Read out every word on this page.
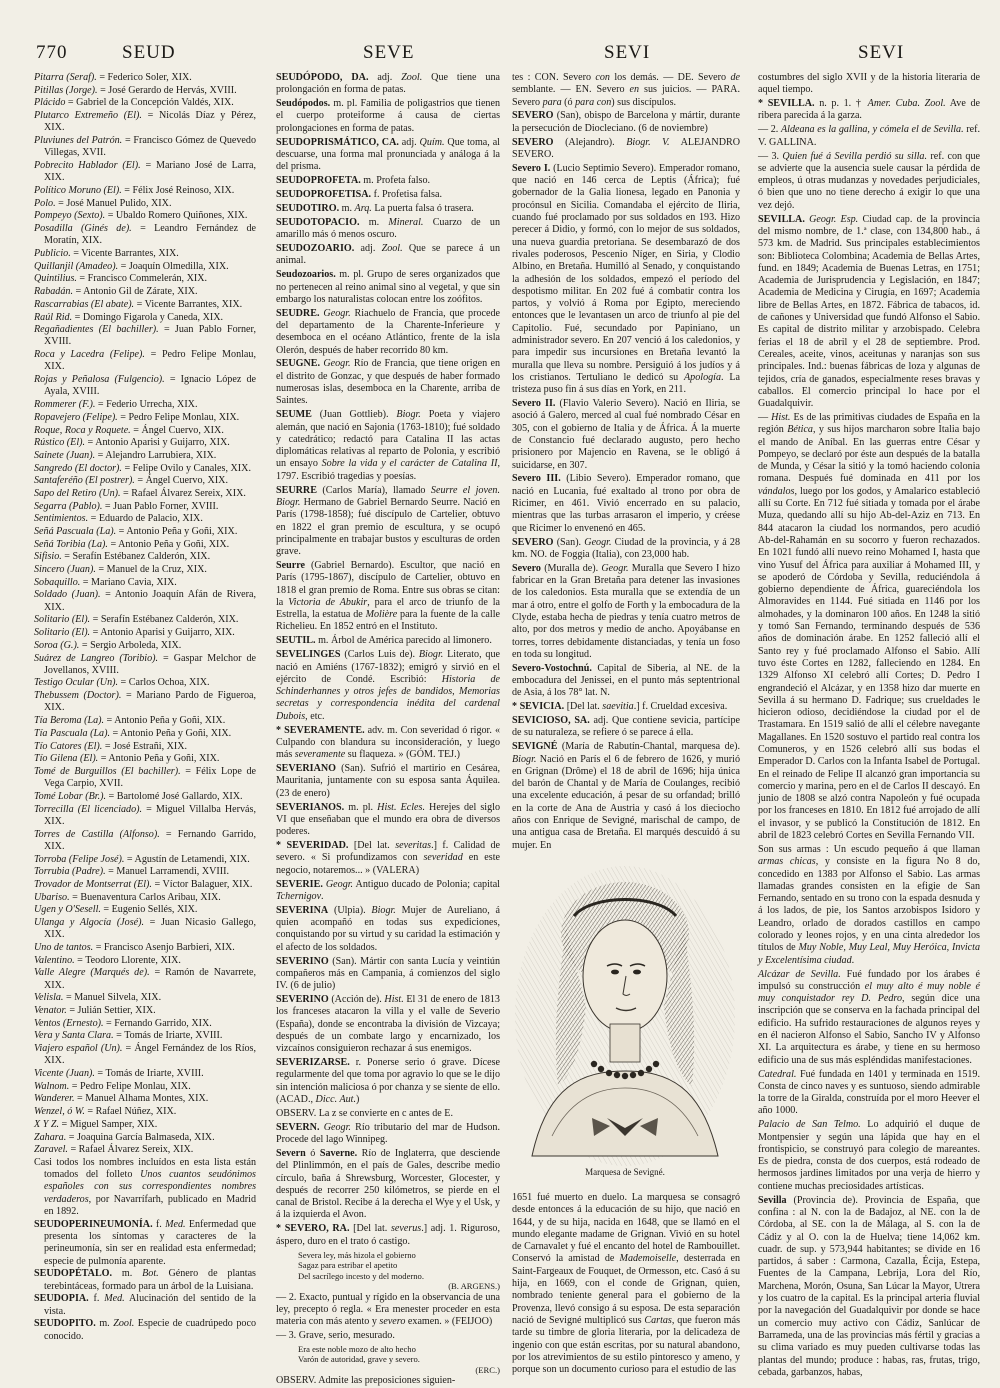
770	SEUD	SEVE	SEVI	SEVI

Pitarra (Seraf). = Federico Soler, XIX.

Pitillas (Jorge). = José Gerardo de Hervás, XVIII.

Plácido = Gabriel de la Concepción Valdés, XIX.

Plutarco Extremeño (El). = Nicolás Díaz y Pérez, XIX.

Pluviunes del Patrón. = Francisco Gómez de Quevedo Villegas, XVII.

Pobrecito Hablador (El). = Mariano José de Larra, XIX.

Político Moruno (El). = Félix José Reinoso, XIX.

Polo. = José Manuel Pulido, XIX.

Pompeyo (Sexto). = Ubaldo Romero Quiñones, XIX.

Posadilla (Ginés de). = Leandro Fernández de Moratín, XIX.

Publicio. = Vicente Barrantes, XIX.

Quillanjil (Amadeo). = Joaquín Olmedilla, XIX.

Quintilius. = Francisco Commelerán, XIX.

Rabadán. = Antonio Gil de Zárate, XIX.

Rascarrabias (El abate). = Vicente Barrantes, XIX.

Raúl Rid. = Domingo Figarola y Caneda, XIX.

Regañadientes (El bachiller). = Juan Pablo Forner, XVIII.

Roca y Lacedra (Felipe). = Pedro Felipe Monlau, XIX.

Rojas y Peñalosa (Fulgencio). = Ignacio López de Ayala, XVIII.

Rommerer (F.). = Federio Urrecha, XIX.

Ropavejero (Felipe). = Pedro Felipe Monlau, XIX.

Roque, Roca y Roquete. = Ángel Cuervo, XIX.

Rústico (El). = Antonio Aparisi y Guijarro, XIX.

Sainete (Juan). = Alejandro Larrubiera, XIX.

Sangredo (El doctor). = Felipe Ovilo y Canales, XIX.

Santaferéño (El postrer). = Ángel Cuervo, XIX.

Sapo del Retiro (Un). = Rafael Álvarez Sereix, XIX.

Segarra (Pablo). = Juan Pablo Forner, XVIII.

Sentimientos. = Eduardo de Palacio, XIX.

Señá Pascuala (La). = Antonio Peña y Goñi, XIX.

Señá Toribia (La). = Antonio Peña y Goñi, XIX.

Sifisio. = Serafín Estébanez Calderón, XIX.

Sincero (Juan). = Manuel de la Cruz, XIX.

Sobaquillo. = Mariano Cavia, XIX.

Soldado (Juan). = Antonio Joaquín Afán de Rivera, XIX.

Solitario (El). = Serafín Estébanez Calderón, XIX.

Solitario (El). = Antonio Aparisi y Guijarro, XIX.

Soroa (G.). = Sergio Arboleda, XIX.

Suárez de Langreo (Toribio). = Gaspar Melchor de Jovellanos, XVIII.

Testigo Ocular (Un). = Carlos Ochoa, XIX.

Thebussem (Doctor). = Mariano Pardo de Figueroa, XIX.

Tía Beroma (La). = Antonio Peña y Goñi, XIX.

Tía Pascuala (La). = Antonio Peña y Goñi, XIX.

Tío Catores (El). = José Estrañi, XIX.

Tío Gilena (El). = Antonio Peña y Goñi, XIX.

Tomé de Burguillos (El bachiller). = Félix Lope de Vega Carpio, XVII.

Tomé Lobar (Br.). = Bartolomé José Gallardo, XIX.

Torrecilla (El licenciado). = Miguel Villalba Hervás, XIX.

Torres de Castilla (Alfonso). = Fernando Garrido, XIX.

Torroba (Felipe José). = Agustín de Letamendi, XIX.

Torrubia (Padre). = Manuel Larramendi, XVIII.

Trovador de Montserrat (El). = Víctor Balaguer, XIX.

Ubariso. = Buenaventura Carlos Aribau, XIX.

Ugen y O'Sesell. = Eugenio Sellés, XIX.

Ulanga y Algocía (José). = Juan Nicasio Gallego, XIX.

Uno de tantos. = Francisco Asenjo Barbieri, XIX.

Valentino. = Teodoro Llorente, XIX.

Valle Alegre (Marqués de). = Ramón de Navarrete, XIX.

Velisla. = Manuel Silvela, XIX.

Venator. = Julián Settier, XIX.

Ventos (Ernesto). = Fernando Garrido, XIX.

Vera y Santa Clara. = Tomás de Iriarte, XVIII.

Viajero español (Un). = Ángel Fernández de los Ríos, XIX.

Vicente (Juan). = Tomás de Iriarte, XVIII.

Walnom. = Pedro Felipe Monlau, XIX.

Wanderer. = Manuel Alhama Montes, XIX.

Wenzel, ó W. = Rafael Núñez, XIX.

X Y Z. = Miguel Samper, XIX.

Zahara. = Joaquina García Balmaseda, XIX.

Zaravel. = Rafael Álvarez Sereix, XIX.

Casi todos los nombres incluídos en esta lista están tomados del folleto Unos cuantos seudónimos españoles con sus correspondientes nombres verdaderos, por Navarrífarh, publicado en Madrid en 1892.

SEUDOPERINEUMONÍA. f. Med. Enfermedad que presenta los síntomas y caracteres de la perineumonía, sin ser en realidad esta enfermedad; especie de pulmonía aparente.

SEUDOPÉTALO. m. Bot. Género de plantas terebintáceas, formado para un árbol de la Luisiana.

SEUDOPIA. f. Med. Alucinación del sentido de la vista.

SEUDOPITO. m. Zool. Especie de cuadrúpedo poco conocido.

SEUDÓPODO, DA. adj. Zool. Que tiene una prolongación en forma de patas.

Seudópodos. m. pl. Familia de poligastrios que tienen el cuerpo proteiforme á causa de ciertas prolongaciones en forma de patas.

SEUDOPRISMÁTICO, CA. adj. Quím. Que toma, al descuarse, una forma mal pronunciada y análoga á la del prisma.

SEUDOPROFETA. m. Profeta falso.

SEUDOPROFETISA. f. Profetisa falsa.

SEUDOTIRO. m. Arq. La puerta falsa ó trasera.

SEUDOTOPACIO. m. Mineral. Cuarzo de un amarillo más ó menos oscuro.

SEUDOZOARIO. adj. Zool. Que se parece á un animal.

Seudozoarios. m. pl. Grupo de seres organizados que no pertenecen al reino animal sino al vegetal, y que sin embargo los naturalistas colocan entre los zoófitos.

SEUDRE. Geogr. Riachuelo de Francia, que procede del departamento de la Charente-Inferieure y desemboca en el océano Atlántico, frente de la isla Olerón, después de haber recorrido 80 km.

SEUGNE. Geogr. Río de Francia, que tiene origen en el distrito de Gonzac, y que después de haber formado numerosas islas, desemboca en la Charente, arriba de Saintes.

SEUME (Juan Gottlieb). Biogr. Poeta y viajero alemán, que nació en Sajonia (1763-1810); fué soldado y catedrático; redactó para Catalina II las actas diplomáticas relativas al reparto de Polonia, y escribió un ensayo Sobre la vida y el carácter de Catalina II, 1797. Escribió tragedias y poesías.

SEURRE (Carlos María), llamado Seurre el joven. Biogr. Hermano de Gabriel Bernardo Seurre. Nació en París (1798-1858); fué discípulo de Cartelier, obtuvo en 1822 el gran premio de escultura, y se ocupó principalmente en trabajar bustos y esculturas de orden grave.

Seurre (Gabriel Bernardo). Escultor, que nació en París (1795-1867), discípulo de Cartelier, obtuvo en 1818 el gran premio de Roma. Entre sus obras se citan: la Victoria de Abukir, para el arco de triunfo de la Estrella, la estatua de Molière para la fuente de la calle Richelieu. En 1852 entró en el Instituto.

SEUTIL. m. Árbol de América parecido al limonero.

SEVELINGES (Carlos Luis de). Biogr. Literato, que nació en Amiéns (1767-1832); emigró y sirvió en el ejército de Condé. Escribió: Historia de Schinderhannes y otros jefes de bandidos, Memorias secretas y correspondencia inédita del cardenal Dubois, etc.

* SEVERAMENTE. adv. m. Con severidad ó rigor. « Culpando con blandura su inconsideración, y luego más severamente su flaqueza. » (GÓM. TEJ.)

SEVERIANO (San). Sufrió el martirio en Cesárea, Mauritania, juntamente con su esposa santa Áquilea. (23 de enero)

SEVERIANOS. m. pl. Hist. Ecles. Herejes del siglo VI que enseñaban que el mundo era obra de diversos poderes.

* SEVERIDAD. [Del lat. severitas.] f. Calidad de severo. « Si profundizamos con severidad en este negocio, notaremos... » (VALERA)

SEVERIE. Geogr. Antiguo ducado de Polonia; capital Tchernigov.

SEVERINA (Ulpia). Biogr. Mujer de Aureliano, á quien acompañó en todas sus expediciones, conquistando por su virtud y su caridad la estimación y el afecto de los soldados.

SEVERINO (San). Mártir con santa Lucía y veintiún compañeros más en Campania, á comienzos del siglo IV. (6 de julio)

SEVERINO (Acción de). Hist. El 31 de enero de 1813 los franceses atacaron la villa y el valle de Severio (España), donde se encontraba la división de Vizcaya; después de un combate largo y encarnizado, los vizcaínos consiguieron rechazar á sus enemigos.

SEVERIZARSE. r. Ponerse serio ó grave. Dícese regularmente del que toma por agravio lo que se le dijo sin intención maliciosa ó por chanza y se siente de ello. (ACAD., Dicc. Aut.)

OBSERV. La z se convierte en c antes de E.

SEVERN. Geogr. Río tributario del mar de Hudson. Procede del lago Winnipeg.

Severn ó Saverne. Río de Inglaterra, que desciende del Plinlimmón, en el país de Gales, describe medio círculo, baña á Shrewsburg, Worcester, Glocester, y después de recorrer 250 kilómetros, se pierde en el canal de Bristol. Recibe á la derecha el Wye y el Usk, y á la izquierda el Avon.

* SEVERO, RA. [Del lat. severus.] adj. 1. Riguroso, áspero, duro en el trato ó castigo.

Severa ley, más hizola el gobierno

Sagaz para estribar el apetito

Del sacrílego incesto y del moderno.

(B. ARGENS.)

— 2. Exacto, puntual y rígido en la observancia de una ley, precepto ó regla. « Era menester proceder en esta materia con más atento y severo examen. » (FEIJOO)

— 3. Grave, serio, mesurado.

Era este noble mozo de alto hecho

Varón de autoridad, grave y severo.

(ERC.)

OBSERV. Admite las preposiciones siguien-

tes : CON. Severo con los demás. — DE. Severo de semblante. — EN. Severo en sus juicios. — PARA. Severo para (ó para con) sus discípulos.

SEVERO (San), obispo de Barcelona y mártir, durante la persecución de Diocleciano. (6 de noviembre)

SEVERO (Alejandro). Biogr. V. ALEJANDRO SEVERO.

Severo I. (Lucio Septimio Severo). Emperador romano, que nació en 146 cerca de Leptis (África); fué gobernador de la Galia lionesa, legado en Panonia y procónsul en Sicilia. Comandaba el ejército de Iliria, cuando fué proclamado por sus soldados en 193. Hizo perecer á Didio, y formó, con lo mejor de sus soldados, una nueva guardia pretoriana. Se desembarazó de dos rivales poderosos, Pescenio Níger, en Siria, y Clodio Albino, en Bretaña. Humilló al Senado, y conquistando la adhesión de los soldados, empezó el período del despotismo militar. En 202 fué á combatir contra los partos, y volvió á Roma por Egipto, mereciendo entonces que le levantasen un arco de triunfo al pie del Capitolio. Fué, secundado por Papiniano, un administrador severo. En 207 venció á los caledonios, y para impedir sus incursiones en Bretaña levantó la muralla que lleva su nombre. Persiguió á los judíos y á los cristianos. Tertuliano le dedicó su Apología. La tristeza puso fin á sus días en York, en 211.

Severo II. (Flavio Valerio Severo). Nació en Iliria, se asoció á Galero, merced al cual fué nombrado César en 305, con el gobierno de Italia y de África. Á la muerte de Constancio fué declarado augusto, pero hecho prisionero por Majencio en Ravena, se le obligó á suicidarse, en 307.

Severo III. (Libio Severo). Emperador romano, que nació en Lucania, fué exaltado al trono por obra de Ricimer, en 461. Vivió encerrado en su palacio, mientras que las turbas arrasaron el imperio, y créese que Ricimer lo envenenó en 465.

SEVERO (San). Geogr. Ciudad de la provincia, y á 28 km. NO. de Foggia (Italia), con 23,000 hab.

Severo (Muralla de). Geogr. Muralla que Severo I hizo fabricar en la Gran Bretaña para detener las invasiones de los caledonios. Esta muralla que se extendía de un mar á otro, entre el golfo de Forth y la embocadura de la Clyde, estaba hecha de piedras y tenía cuatro metros de alto, por dos metros y medio de ancho. Apoyábanse en torres, torres debidamente distanciadas, y tenía un foso en toda su longitud.

Severo-Vostochnú. Capital de Siberia, al NE. de la embocadura del Jenissei, en el punto más septentrional de Asia, á los 78° lat. N.

* SEVICIA. [Del lat. saevitia.] f. Crueldad excesiva.

SEVICIOSO, SA. adj. Que contiene sevicia, partícipe de su naturaleza, se refiere ó se parece á ella.

SEVIGNÉ (María de Rabutín-Chantal, marquesa de). Biogr. Nació en París el 6 de febrero de 1626, y murió en Grignan (Drôme) el 18 de abril de 1696; hija única del barón de Chantal y de María de Coulanges, recibió una excelente educación, á pesar de su orfandad; brilló en la corte de Ana de Austria y casó á los dieciocho años con Enrique de Sevigné, marischal de campo, de una antigua casa de Bretaña. El marqués descuidó á su mujer. En

Marquesa de Sevigné.

1651 fué muerto en duelo. La marquesa se consagró desde entonces á la educación de su hijo, que nació en 1644, y de su hija, nacida en 1648, que se llamó en el mundo elegante madame de Grignan. Vivió en su hotel de Carnavalet y fué el encanto del hotel de Rambouillet. Conservó la amistad de Mademoiselle, desterrada en Saint-Fargeaux de Fouquet, de Ormesson, etc. Casó á su hija, en 1669, con el conde de Grignan, quien, nombrado teniente general para el gobierno de la Provenza, llevó consigo á su esposa. De esta separación nació de Sevigné multiplicó sus Cartas, que fueron más tarde su timbre de gloria literaria, por la delicadeza de ingenio con que están escritas, por su natural abandono, por los atrevimientos de su estilo pintoresco y ameno, y porque son un documento curioso para el estudio de las

costumbres del siglo XVII y de la historia literaria de aquel tiempo.

* SEVILLA. n. p. 1. † Amer. Cuba. Zool. Ave de ribera parecida á la garza.

— 2. Aldeana es la gallina, y cómela el de Sevilla. ref. V. GALLINA.

— 3. Quien fué á Sevilla perdió su silla. ref. con que se advierte que la ausencia suele causar la pérdida de empleos, ú otras mudanzas y novedades perjudiciales, ó bien que uno no tiene derecho á exigir lo que una vez dejó.

SEVILLA. Geogr. Esp. Ciudad cap. de la provincia del mismo nombre, de 1.ª clase, con 134,800 hab., á 573 km. de Madrid. Sus principales establecimientos son: Biblioteca Colombina; Academia de Bellas Artes, fund. en 1849; Academia de Buenas Letras, en 1751; Academia de Jurisprudencia y Legislación, en 1847; Academia de Medicina y Cirugía, en 1697; Academia libre de Bellas Artes, en 1872. Fábrica de tabacos, id. de cañones y Universidad que fundó Alfonso el Sabio. Es capital de distrito militar y arzobispado. Celebra ferias el 18 de abril y el 28 de septiembre. Prod. Cereales, aceite, vinos, aceitunas y naranjas son sus principales. Ind.: buenas fábricas de loza y algunas de tejidos, cría de ganados, especialmente reses bravas y caballos. El comercio principal lo hace por el Guadalquivir.

— Hist. Es de las primitivas ciudades de España en la región Bética, y sus hijos marcharon sobre Italia bajo el mando de Aníbal. En las guerras entre César y Pompeyo, se declaró por éste aun después de la batalla de Munda, y César la sitió y la tomó haciendo colonia romana. Después fué dominada en 411 por los vándalos, luego por los godos, y Amalarico estableció allí su Corte. En 712 fué sitiada y tomada por el árabe Muza, quedando allí su hijo Ab-del-Aziz en 713. En 844 atacaron la ciudad los normandos, pero acudió Ab-del-Rahamán en su socorro y fueron rechazados. En 1021 fundó allí nuevo reino Mohamed I, hasta que vino Yusuf del África para auxiliar á Mohamed III, y se apoderó de Córdoba y Sevilla, reduciéndola á gobierno dependiente de África, guareciéndola los Almoravides en 1144. Fué sitiada en 1146 por los almohades, y la dominaron 100 años. En 1248 la sitió y tomó San Fernando, terminando después de 536 años de dominación árabe. En 1252 falleció allí el Santo rey y fué proclamado Alfonso el Sabio. Allí tuvo éste Cortes en 1282, falleciendo en 1284. En 1329 Alfonso XI celebró allí Cortes; D. Pedro I engrandeció el Alcázar, y en 1358 hizo dar muerte en Sevilla á su hermano D. Fadrique; sus crueldades le hicieron odioso, decidiéndose la ciudad por el de Trastamara. En 1519 salió de allí el célebre navegante Magallanes. En 1520 sostuvo el partido real contra los Comuneros, y en 1526 celebró allí sus bodas el Emperador D. Carlos con la Infanta Isabel de Portugal. En el reinado de Felipe II alcanzó gran importancia su comercio y marina, pero en el de Carlos II descayó. En junio de 1808 se alzó contra Napoleón y fué ocupada por los franceses en 1810. En 1812 fué arrojado de allí el invasor, y se publicó la Constitución de 1812. En abril de 1823 celebró Cortes en Sevilla Fernando VII.

Son sus armas : Un escudo pequeño á que llaman armas chicas, y consiste en la figura No 8 do, concedido en 1383 por Alfonso el Sabio. Las armas llamadas grandes consisten en la efigie de San Fernando, sentado en su trono con la espada desnuda y á los lados, de pie, los Santos arzobispos Isidoro y Leandro, orlado de dorados castillos en campo colorado y leones rojos, y en una cinta alrededor los títulos de Muy Noble, Muy Leal, Muy Heróica, Invicta y Excelentísima ciudad.

Alcázar de Sevilla. Fué fundado por los árabes é impulsó su construcción el muy alto é muy noble é muy conquistador rey D. Pedro, según dice una inscripción que se conserva en la fachada principal del edificio. Ha sufrido restauraciones de algunos reyes y en él nacieron Alfonso el Sabio, Sancho IV y Alfonso XI. La arquitectura es árabe, y tiene en su hermoso edificio una de sus más espléndidas manifestaciones.

Catedral. Fué fundada en 1401 y terminada en 1519. Consta de cinco naves y es suntuoso, siendo admirable la torre de la Giralda, construída por el moro Heever el año 1000.

Palacio de San Telmo. Lo adquirió el duque de Montpensier y según una lápida que hay en el frontispicio, se construyó para colegio de mareantes. Es de piedra, consta de dos cuerpos, está rodeado de hermosos jardines limitados por una verja de hierro y contiene muchas preciosidades artísticas.

Sevilla (Provincia de). Provincia de España, que confina : al N. con la de Badajoz, al NE. con la de Córdoba, al SE. con la de Málaga, al S. con la de Cádiz y al O. con la de Huelva; tiene 14,062 km. cuadr. de sup. y 573,944 habitantes; se divide en 16 partidos, á saber : Carmona, Cazalla, Écija, Estepa, Fuentes de la Campana, Lebrija, Lora del Río, Marchena, Morón, Osuna, San Lúcar la Mayor, Utrera y los cuatro de la capital. Es la principal arteria fluvial por la navegación del Guadalquivir por donde se hace un comercio muy activo con Cádiz, Sanlúcar de Barrameda, una de las provincias más fértil y gracias a su clima variado es muy pueden cultivarse todas las plantas del mundo; produce : habas, ras, frutas, trigo, cebada, garbanzos, habas,
